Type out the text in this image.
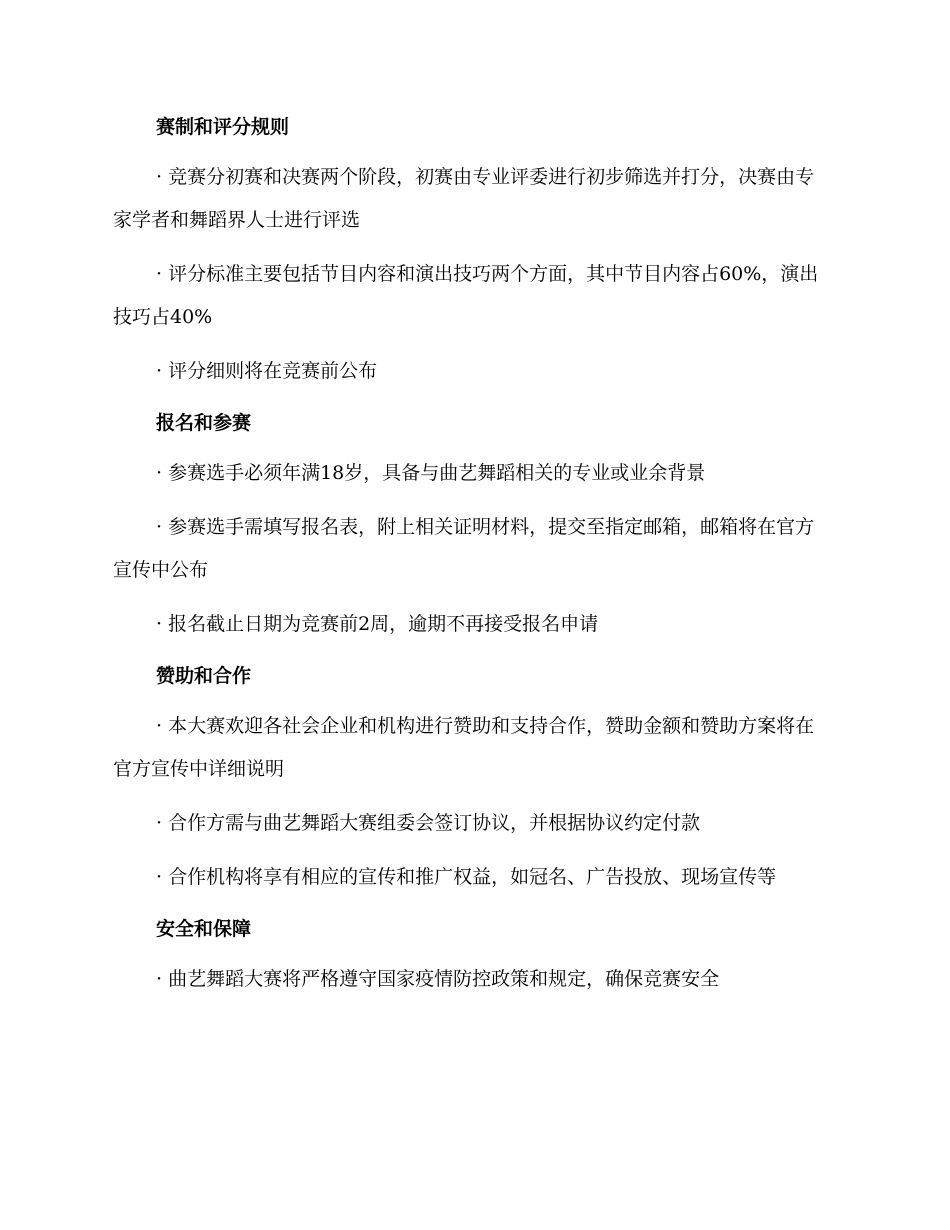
赛制和评分规则

· 竞赛分初赛和决赛两个阶段，初赛由专业评委进行初步筛选并打分，决赛由专家学者和舞蹈界人士进行评选

· 评分标准主要包括节目内容和演出技巧两个方面，其中节目内容占60%，演出技巧占40%

· 评分细则将在竞赛前公布

报名和参赛

· 参赛选手必须年满18岁，具备与曲艺舞蹈相关的专业或业余背景

· 参赛选手需填写报名表，附上相关证明材料，提交至指定邮箱，邮箱将在官方宣传中公布

· 报名截止日期为竞赛前2周，逾期不再接受报名申请

赞助和合作

· 本大赛欢迎各社会企业和机构进行赞助和支持合作，赞助金额和赞助方案将在官方宣传中详细说明

· 合作方需与曲艺舞蹈大赛组委会签订协议，并根据协议约定付款

· 合作机构将享有相应的宣传和推广权益，如冠名、广告投放、现场宣传等

安全和保障

· 曲艺舞蹈大赛将严格遵守国家疫情防控政策和规定，确保竞赛安全
